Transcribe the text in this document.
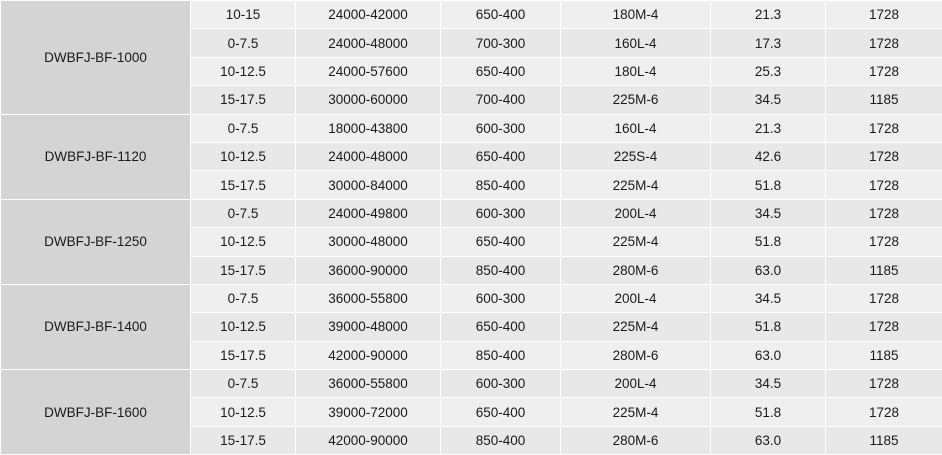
DWBFJ-BF-1000	10-15	24000-42000	650-400	180M-4	21.3	1728
	0-7.5	24000-48000	700-300	160L-4	17.3	1728
	10-12.5	24000-57600	650-400	180L-4	25.3	1728
	15-17.5	30000-60000	700-400	225M-6	34.5	1185
DWBFJ-BF-1120	0-7.5	18000-43800	600-300	160L-4	21.3	1728
	10-12.5	24000-48000	650-400	225S-4	42.6	1728
	15-17.5	30000-84000	850-400	225M-4	51.8	1728
DWBFJ-BF-1250	0-7.5	24000-49800	600-300	200L-4	34.5	1728
	10-12.5	30000-48000	650-400	225M-4	51.8	1728
	15-17.5	36000-90000	850-400	280M-6	63.0	1185
DWBFJ-BF-1400	0-7.5	36000-55800	600-300	200L-4	34.5	1728
	10-12.5	39000-48000	650-400	225M-4	51.8	1728
	15-17.5	42000-90000	850-400	280M-6	63.0	1185
DWBFJ-BF-1600	0-7.5	36000-55800	600-300	200L-4	34.5	1728
	10-12.5	39000-72000	650-400	225M-4	51.8	1728
	15-17.5	42000-90000	850-400	280M-6	63.0	1185
